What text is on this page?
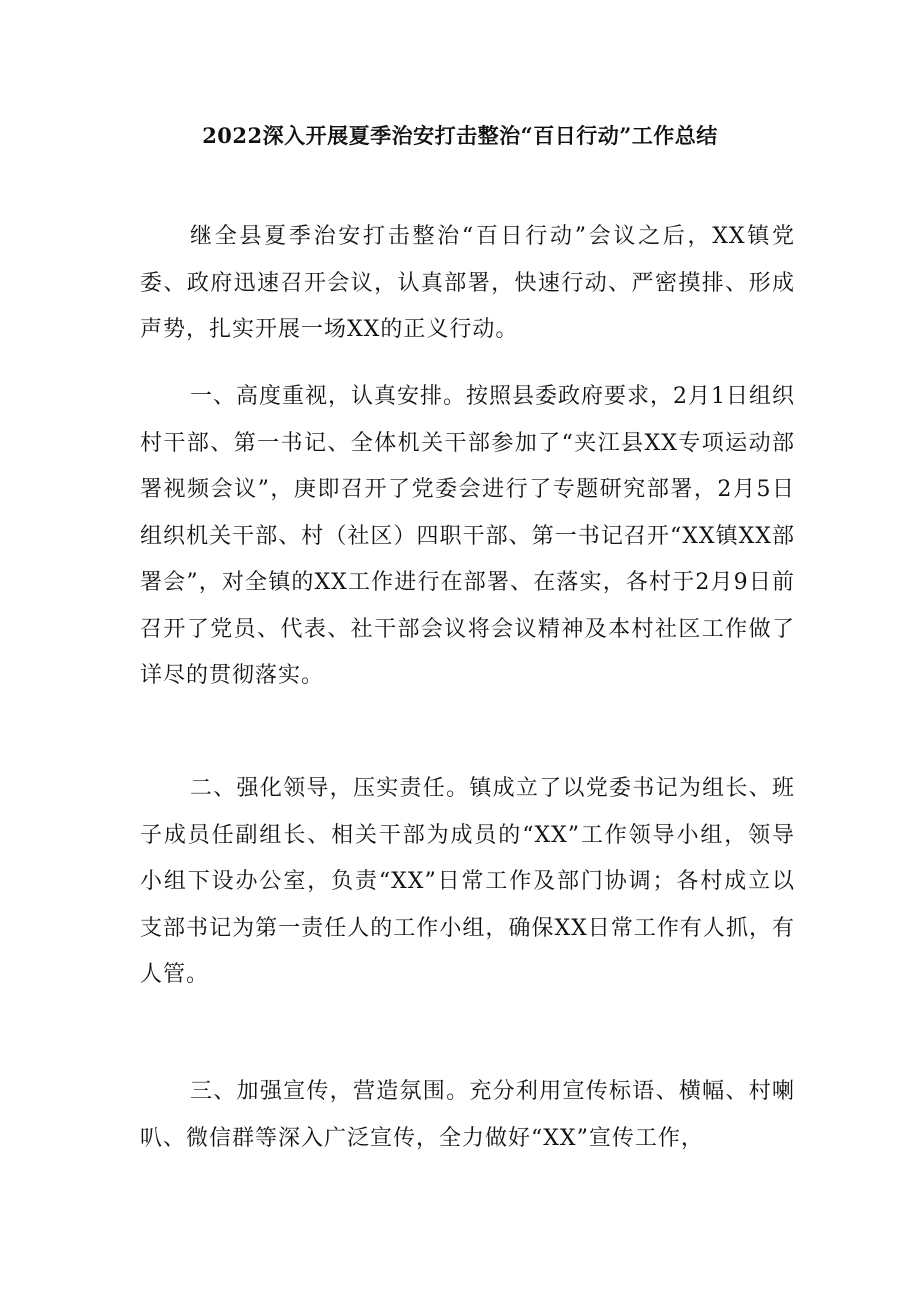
2022深入开展夏季治安打击整治“百日行动”工作总结
继全县夏季治安打击整治“百日行动”会议之后，XX镇党委、政府迅速召开会议，认真部署，快速行动、严密摸排、形成声势，扎实开展一场XX的正义行动。
一、高度重视，认真安排。按照县委政府要求，2月1日组织村干部、第一书记、全体机关干部参加了“夹江县XX专项运动部署视频会议”，庚即召开了党委会进行了专题研究部署，2月5日组织机关干部、村（社区）四职干部、第一书记召开“XX镇XX部署会”，对全镇的XX工作进行在部署、在落实，各村于2月9日前召开了党员、代表、社干部会议将会议精神及本村社区工作做了详尽的贯彻落实。
二、强化领导，压实责任。镇成立了以党委书记为组长、班子成员任副组长、相关干部为成员的“XX”工作领导小组，领导小组下设办公室，负责“XX”日常工作及部门协调；各村成立以支部书记为第一责任人的工作小组，确保XX日常工作有人抓，有人管。
三、加强宣传，营造氛围。充分利用宣传标语、横幅、村喇叭、微信群等深入广泛宣传，全力做好“XX”宣传工作，
